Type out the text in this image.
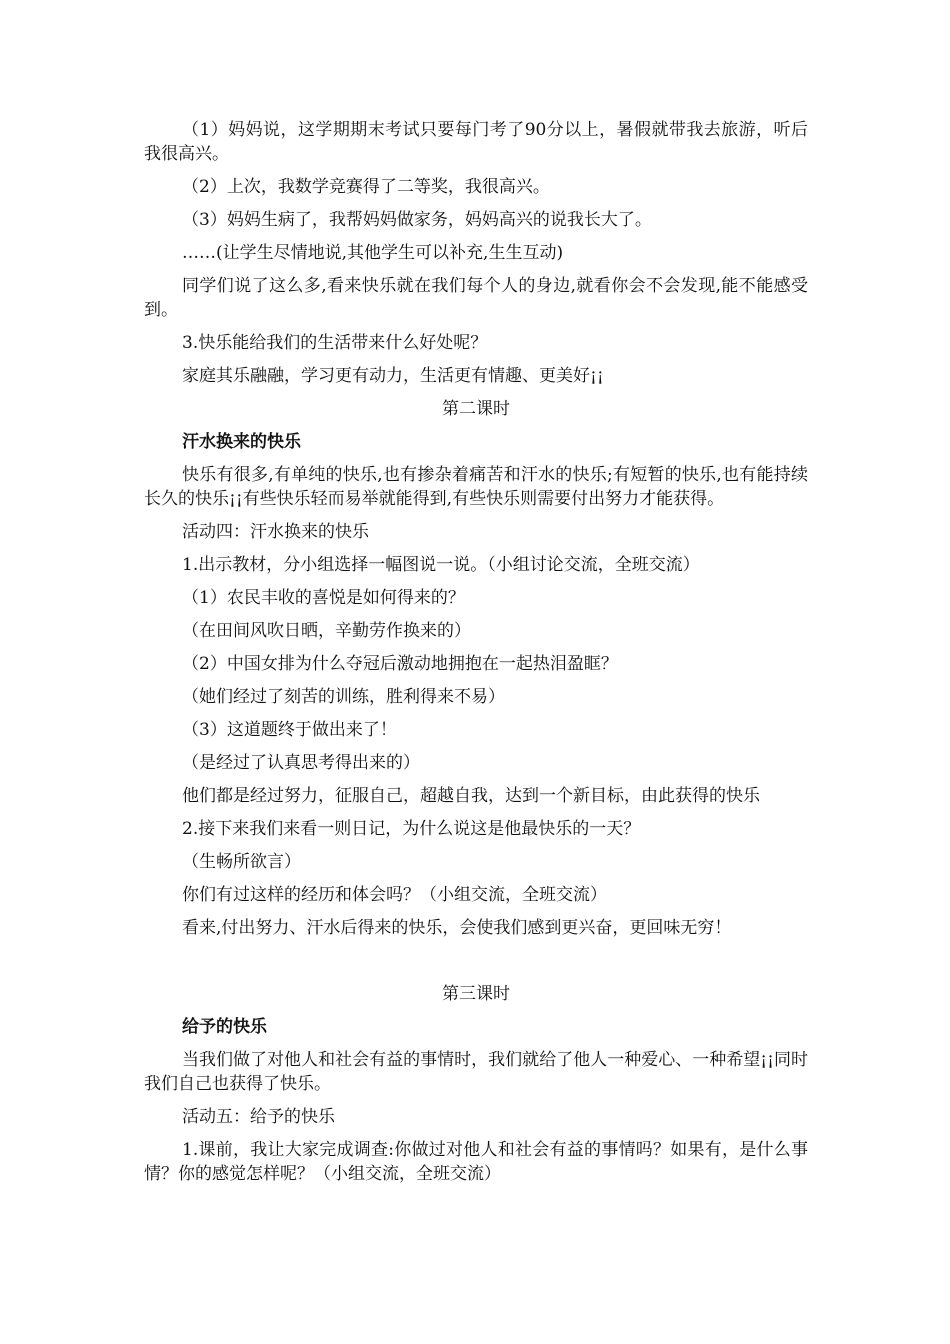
（1）妈妈说，这学期期末考试只要每门考了90分以上，暑假就带我去旅游，听后我很高兴。

（2）上次，我数学竞赛得了二等奖，我很高兴。

（3）妈妈生病了，我帮妈妈做家务，妈妈高兴的说我长大了。

……(让学生尽情地说,其他学生可以补充,生生互动)

同学们说了这么多,看来快乐就在我们每个人的身边,就看你会不会发现,能不能感受到。

3.快乐能给我们的生活带来什么好处呢？

家庭其乐融融，学习更有动力，生活更有情趣、更美好¡¡

第二课时

汗水换来的快乐

快乐有很多,有单纯的快乐,也有掺杂着痛苦和汗水的快乐;有短暂的快乐,也有能持续长久的快乐¡¡有些快乐轻而易举就能得到,有些快乐则需要付出努力才能获得。

活动四：汗水换来的快乐

1.出示教材，分小组选择一幅图说一说。（小组讨论交流，全班交流）

（1）农民丰收的喜悦是如何得来的？

（在田间风吹日晒，辛勤劳作换来的）

（2）中国女排为什么夺冠后激动地拥抱在一起热泪盈眶？

（她们经过了刻苦的训练，胜利得来不易）

（3）这道题终于做出来了！

（是经过了认真思考得出来的）

他们都是经过努力，征服自己，超越自我，达到一个新目标，由此获得的快乐

2.接下来我们来看一则日记，为什么说这是他最快乐的一天？

（生畅所欲言）

你们有过这样的经历和体会吗？（小组交流，全班交流）

看来,付出努力、汗水后得来的快乐，会使我们感到更兴奋，更回味无穷！

第三课时

给予的快乐

当我们做了对他人和社会有益的事情时，我们就给了他人一种爱心、一种希望¡¡同时我们自己也获得了快乐。

活动五：给予的快乐

1.课前，我让大家完成调查:你做过对他人和社会有益的事情吗？如果有，是什么事情？你的感觉怎样呢？（小组交流，全班交流）
